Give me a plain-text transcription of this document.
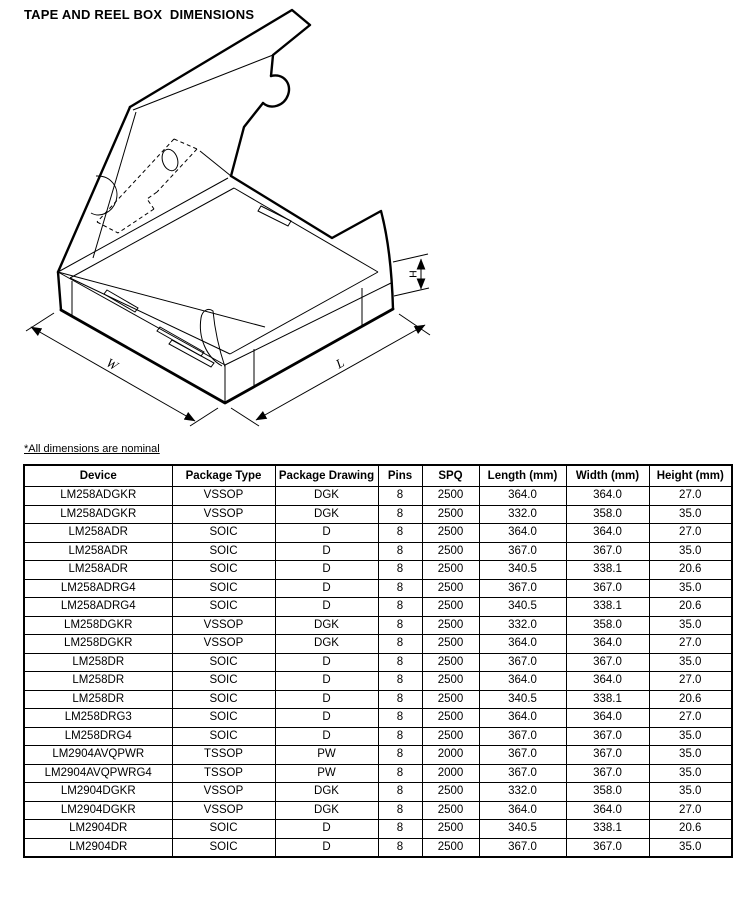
TAPE AND REEL BOX  DIMENSIONS
W	L
H
*All dimensions are nominal
Device	Package Type	Package Drawing	Pins	SPQ	Length (mm)	Width (mm)	Height (mm)
LM258ADGKR	VSSOP	DGK	8	2500	364.0	364.0	27.0
LM258ADGKR	VSSOP	DGK	8	2500	332.0	358.0	35.0
LM258ADR	SOIC	D	8	2500	364.0	364.0	27.0
LM258ADR	SOIC	D	8	2500	367.0	367.0	35.0
LM258ADR	SOIC	D	8	2500	340.5	338.1	20.6
LM258ADRG4	SOIC	D	8	2500	367.0	367.0	35.0
LM258ADRG4	SOIC	D	8	2500	340.5	338.1	20.6
LM258DGKR	VSSOP	DGK	8	2500	332.0	358.0	35.0
LM258DGKR	VSSOP	DGK	8	2500	364.0	364.0	27.0
LM258DR	SOIC	D	8	2500	367.0	367.0	35.0
LM258DR	SOIC	D	8	2500	364.0	364.0	27.0
LM258DR	SOIC	D	8	2500	340.5	338.1	20.6
LM258DRG3	SOIC	D	8	2500	364.0	364.0	27.0
LM258DRG4	SOIC	D	8	2500	367.0	367.0	35.0
LM2904AVQPWR	TSSOP	PW	8	2000	367.0	367.0	35.0
LM2904AVQPWRG4	TSSOP	PW	8	2000	367.0	367.0	35.0
LM2904DGKR	VSSOP	DGK	8	2500	332.0	358.0	35.0
LM2904DGKR	VSSOP	DGK	8	2500	364.0	364.0	27.0
LM2904DR	SOIC	D	8	2500	340.5	338.1	20.6
LM2904DR	SOIC	D	8	2500	367.0	367.0	35.0
